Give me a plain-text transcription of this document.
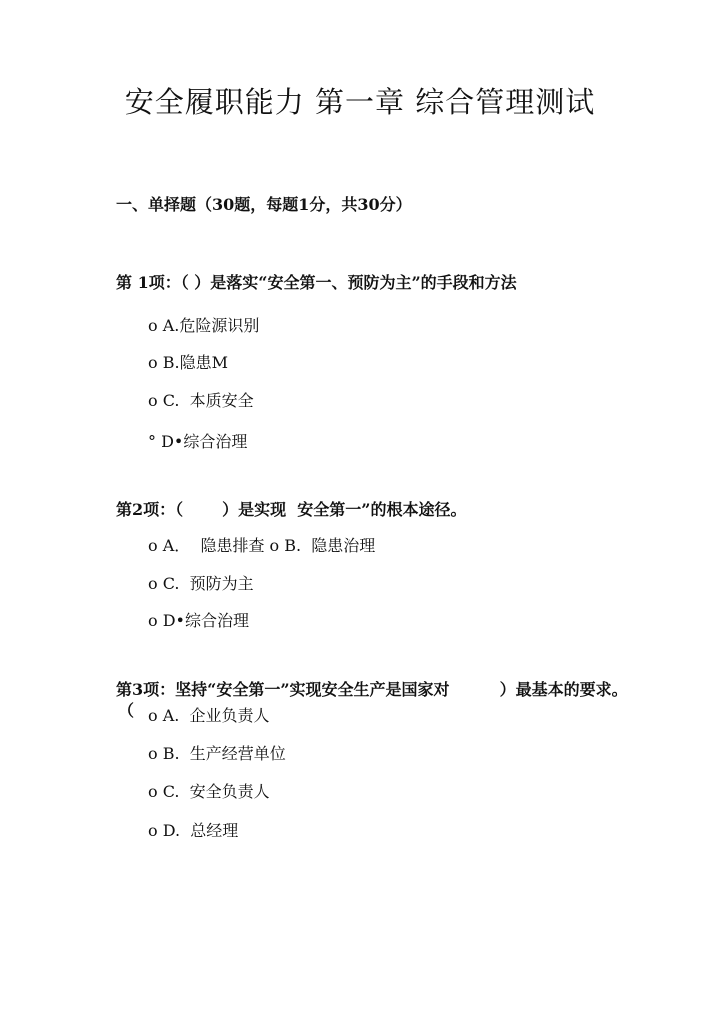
安全履职能力 第一章 综合管理测试
一、单择题（30题，每题1分，共30分）
第 1项：（ ）是落实“安全第一、预防为主”的手段和方法
o A.危险源识别
o B.隐患M
o C.  本质安全
° D•综合治理
第2项：（       ）是实现  安全第一”的根本途径。
o A．  隐患排查 o B.  隐患治理
o C.  预防为主
o D•综合治理
第3项：坚持“安全第一”实现安全生产是国家对         ）最基本的要求。
（ o A.  企业负责人
o B.  生产经营单位
o C.  安全负责人
o D.  总经理
